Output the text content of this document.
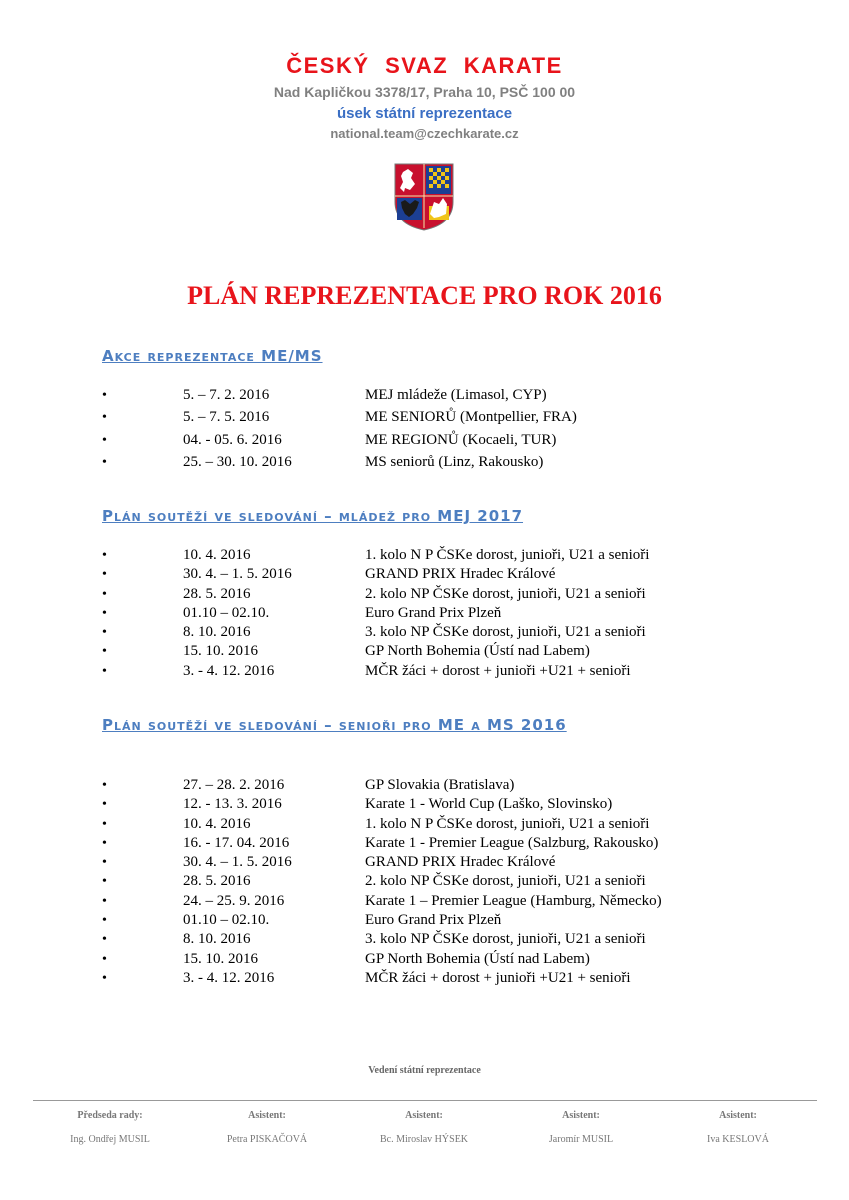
ČESKÝ SVAZ KARATE
Nad Kapličkou 3378/17, Praha 10, PSČ 100 00
úsek státní reprezentace
national.team@czechkarate.cz
PLÁN REPREZENTACE PRO ROK 2016
Akce reprezentace ME/MS
•	5. – 7. 2. 2016	MEJ mládeže (Limasol, CYP)
•	5. – 7. 5. 2016	ME SENIORŮ (Montpellier, FRA)
•	04. - 05. 6. 2016	ME REGIONŮ (Kocaeli, TUR)
•	25. – 30. 10. 2016	MS seniorů (Linz, Rakousko)
Plán soutěží ve sledování – mládež pro MEJ 2017
•	10. 4. 2016	1. kolo N P ČSKe dorost, junioři, U21 a senioři
•	30. 4. – 1. 5. 2016	GRAND PRIX Hradec Králové
•	28. 5. 2016	2. kolo NP ČSKe dorost, junioři, U21 a senioři
•	01.10 – 02.10.	Euro Grand Prix Plzeň
•	8. 10. 2016	3. kolo NP ČSKe dorost, junioři, U21 a senioři
•	15. 10. 2016	GP North Bohemia (Ústí nad Labem)
•	3. - 4. 12. 2016	MČR žáci + dorost + junioři +U21 + senioři
Plán soutěží ve sledování – senioři pro ME a MS 2016
•	27. – 28. 2. 2016	GP Slovakia (Bratislava)
•	12. - 13. 3. 2016	Karate 1 - World Cup (Laško, Slovinsko)
•	10. 4. 2016	1. kolo N P ČSKe dorost, junioři, U21 a senioři
•	16. - 17. 04. 2016	Karate 1 - Premier League (Salzburg, Rakousko)
•	30. 4. – 1. 5. 2016	GRAND PRIX Hradec Králové
•	28. 5. 2016	2. kolo NP ČSKe dorost, junioři, U21 a senioři
•	24. – 25. 9. 2016	Karate 1 – Premier League (Hamburg, Německo)
•	01.10 – 02.10.	Euro Grand Prix Plzeň
•	8. 10. 2016	3. kolo NP ČSKe dorost, junioři, U21 a senioři
•	15. 10. 2016	GP North Bohemia (Ústí nad Labem)
•	3. - 4. 12. 2016	MČR žáci + dorost + junioři +U21 + senioři
Vedení státní reprezentace
Předseda rady:
Ing. Ondřej MUSIL
Asistent:
Petra PISKAČOVÁ
Asistent:
Bc. Miroslav HÝSEK
Asistent:
Jaromír MUSIL
Asistent:
Iva KESLOVÁ
